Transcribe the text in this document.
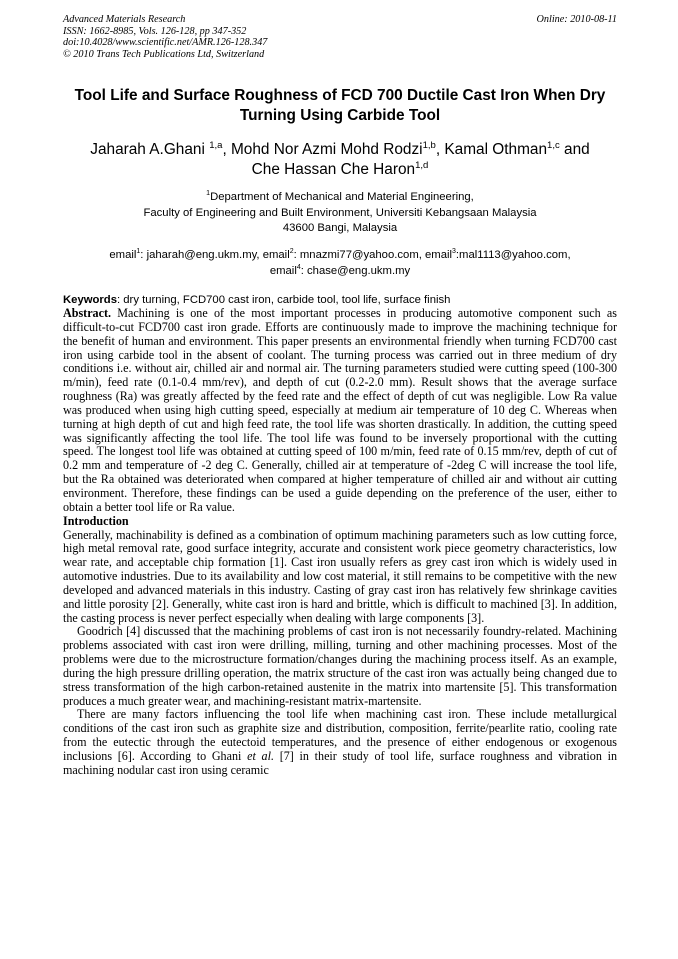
Advanced Materials Research
ISSN: 1662-8985, Vols. 126-128, pp 347-352
doi:10.4028/www.scientific.net/AMR.126-128.347
© 2010 Trans Tech Publications Ltd, Switzerland
Online: 2010-08-11
Tool Life and Surface Roughness of FCD 700 Ductile Cast Iron When Dry Turning Using Carbide Tool
Jaharah A.Ghani $^{1,a}$, Mohd Nor Azmi Mohd Rodzi$^{1,b}$, Kamal Othman$^{1,c}$ and
Che Hassan Che Haron$^{1,d}$
$^1$Department of Mechanical and Material Engineering,
Faculty of Engineering and Built Environment, Universiti Kebangsaan Malaysia
43600 Bangi, Malaysia
email$^1$: jaharah@eng.ukm.my, email$^2$: mnazmi77@yahoo.com, email$^3$:mal1113@yahoo.com,
email$^4$: chase@eng.ukm.my
Keywords: dry turning, FCD700 cast iron, carbide tool, tool life, surface finish

Abstract. Machining is one of the most important processes in producing automotive component such as difficult-to-cut FCD700 cast iron grade. Efforts are continuously made to improve the machining technique for the benefit of human and environment. This paper presents an environmental friendly when turning FCD700 cast iron using carbide tool in the absent of coolant. The turning process was carried out in three medium of dry conditions i.e. without air, chilled air and normal air. The turning parameters studied were cutting speed (100-300 m/min), feed rate (0.1-0.4 mm/rev), and depth of cut (0.2-2.0 mm). Result shows that the average surface roughness (Ra) was greatly affected by the feed rate and the effect of depth of cut was negligible. Low Ra value was produced when using high cutting speed, especially at medium air temperature of 10 deg C. Whereas when turning at high depth of cut and high feed rate, the tool life was shorten drastically. In addition, the cutting speed was significantly affecting the tool life. The tool life was found to be inversely proportional with the cutting speed. The longest tool life was obtained at cutting speed of 100 m/min, feed rate of 0.15 mm/rev, depth of cut of 0.2 mm and temperature of -2 deg C. Generally, chilled air at temperature of -2deg C will increase the tool life, but the Ra obtained was deteriorated when compared at higher temperature of chilled air and without air cutting environment. Therefore, these findings can be used a guide depending on the preference of the user, either to obtain a better tool life or Ra value.

Introduction

Generally, machinability is defined as a combination of optimum machining parameters such as low cutting force, high metal removal rate, good surface integrity, accurate and consistent work piece geometry characteristics, low wear rate, and acceptable chip formation [1]. Cast iron usually refers as grey cast iron which is widely used in automotive industries. Due to its availability and low cost material, it still remains to be competitive with the new developed and advanced materials in this industry. Casting of gray cast iron has relatively few shrinkage cavities and little porosity [2]. Generally, white cast iron is hard and brittle, which is difficult to machined [3]. In addition, the casting process is never perfect especially when dealing with large components [3].

Goodrich [4] discussed that the machining problems of cast iron is not necessarily foundry-related. Machining problems associated with cast iron were drilling, milling, turning and other machining processes. Most of the problems were due to the microstructure formation/changes during the machining process itself. As an example, during the high pressure drilling operation, the matrix structure of the cast iron was actually being changed due to stress transformation of the high carbon-retained austenite in the matrix into martensite [5]. This transformation produces a much greater wear, and machining-resistant matrix-martensite.

There are many factors influencing the tool life when machining cast iron. These include metallurgical conditions of the cast iron such as graphite size and distribution, composition, ferrite/pearlite ratio, cooling rate from the eutectic through the eutectoid temperatures, and the presence of either endogenous or exogenous inclusions [6]. According to Ghani et al. [7] in their study of tool life, surface roughness and vibration in machining nodular cast iron using ceramic
